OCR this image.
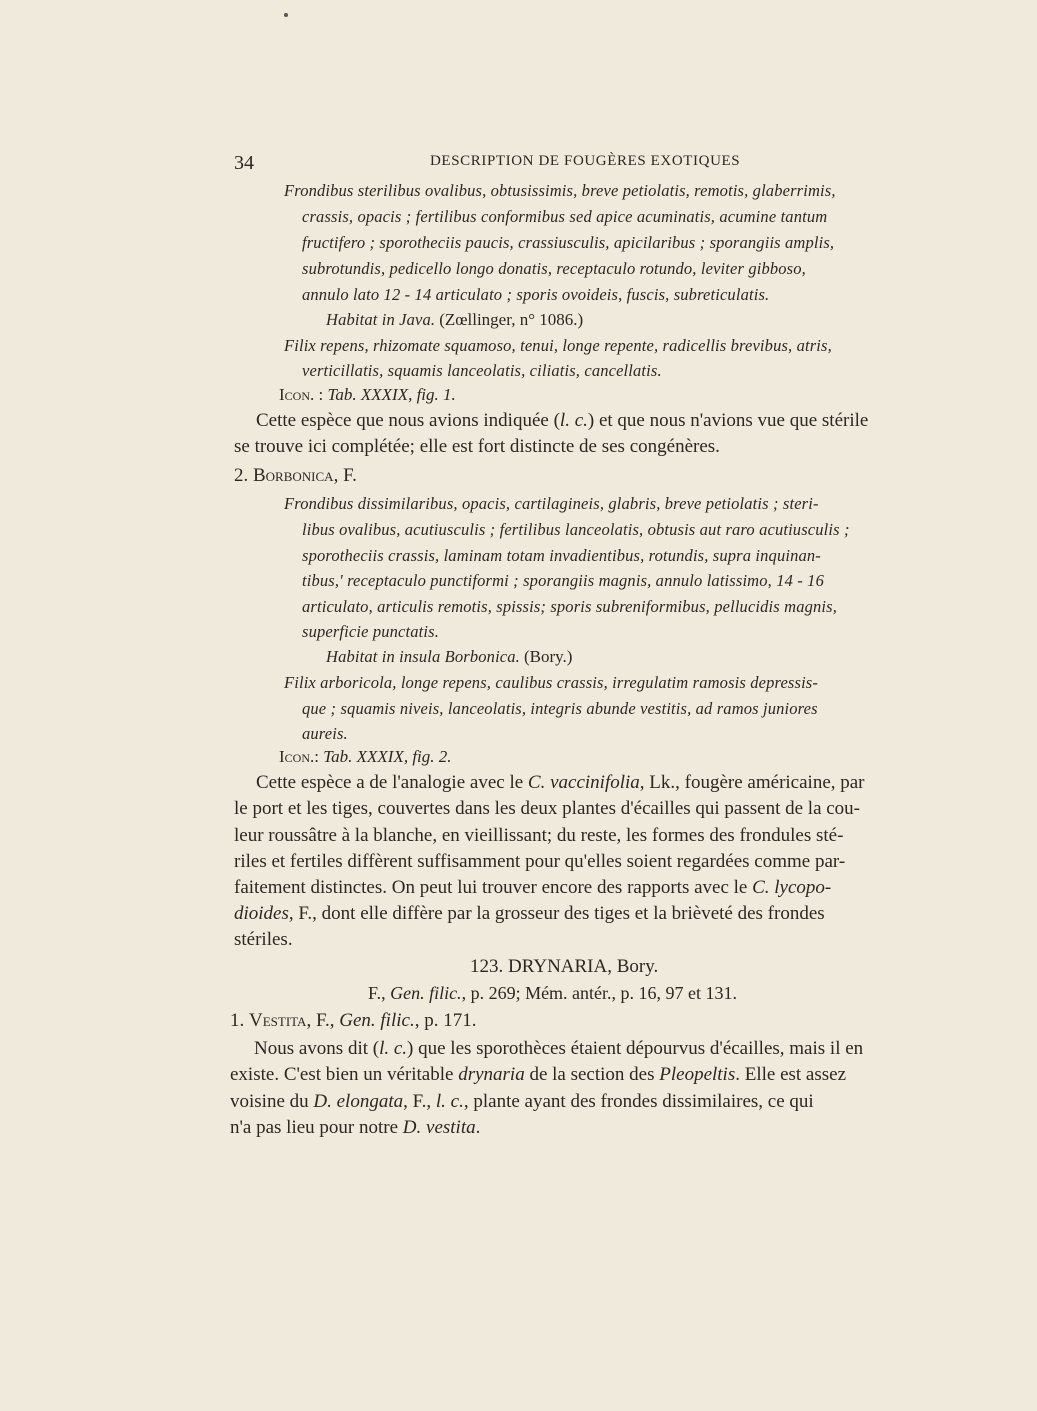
34	DESCRIPTION DE FOUGÈRES EXOTIQUES
Frondibus sterilibus ovalibus, obtusissimis, breve petiolatis, remotis, glaberrimis,
crassis, opacis ; fertilibus conformibus sed apice acuminatis, acumine tantum
fructifero ; sporotheciis paucis, crassiusculis, apicilaribus ; sporangiis amplis,
subrotundis, pedicello longo donatis, receptaculo rotundo, leviter gibboso,
annulo lato 12 - 14 articulato ; sporis ovoideis, fuscis, subreticulatis.
Habitat in Java. (Zœllinger, n° 1086.)
Filix repens, rhizomate squamoso, tenui, longe repente, radicellis brevibus, atris,
verticillatis, squamis lanceolatis, ciliatis, cancellatis.
Icon. : Tab. XXXIX, fig. 1.
Cette espèce que nous avions indiquée (l. c.) et que nous n'avions vue que stérile
se trouve ici complétée; elle est fort distincte de ses congénères.
2. Borbonica, F.
Frondibus dissimilaribus, opacis, cartilagineis, glabris, breve petiolatis ; steri-
libus ovalibus, acutiusculis ; fertilibus lanceolatis, obtusis aut raro acutiusculis ;
sporotheciis crassis, laminam totam invadientibus, rotundis, supra inquinan-
tibus,' receptaculo punctiformi ; sporangiis magnis, annulo latissimo, 14 - 16
articulato, articulis remotis, spissis; sporis subreniformibus, pellucidis magnis,
superficie punctatis.
Habitat in insula Borbonica. (Bory.)
Filix arboricola, longe repens, caulibus crassis, irregulatim ramosis depressis-
que ; squamis niveis, lanceolatis, integris abunde vestitis, ad ramos juniores
aureis.
Icon.: Tab. XXXIX, fig. 2.
Cette espèce a de l'analogie avec le C. vaccinifolia, Lk., fougère américaine, par
le port et les tiges, couvertes dans les deux plantes d'écailles qui passent de la cou-
leur roussâtre à la blanche, en vieillissant; du reste, les formes des frondules sté-
riles et fertiles diffèrent suffisamment pour qu'elles soient regardées comme par-
faitement distinctes. On peut lui trouver encore des rapports avec le C. lycopo-
dioides, F., dont elle diffère par la grosseur des tiges et la brièveté des frondes
stériles.
123. DRYNARIA, Bory.
F., Gen. filic., p. 269; Mém. antér., p. 16, 97 et 131.
1. Vestita, F., Gen. filic., p. 171.
Nous avons dit (l. c.) que les sporothèces étaient dépourvus d'écailles, mais il en
existe. C'est bien un véritable drynaria de la section des Pleopeltis. Elle est assez
voisine du D. elongata, F., l. c., plante ayant des frondes dissimilaires, ce qui
n'a pas lieu pour notre D. vestita.
